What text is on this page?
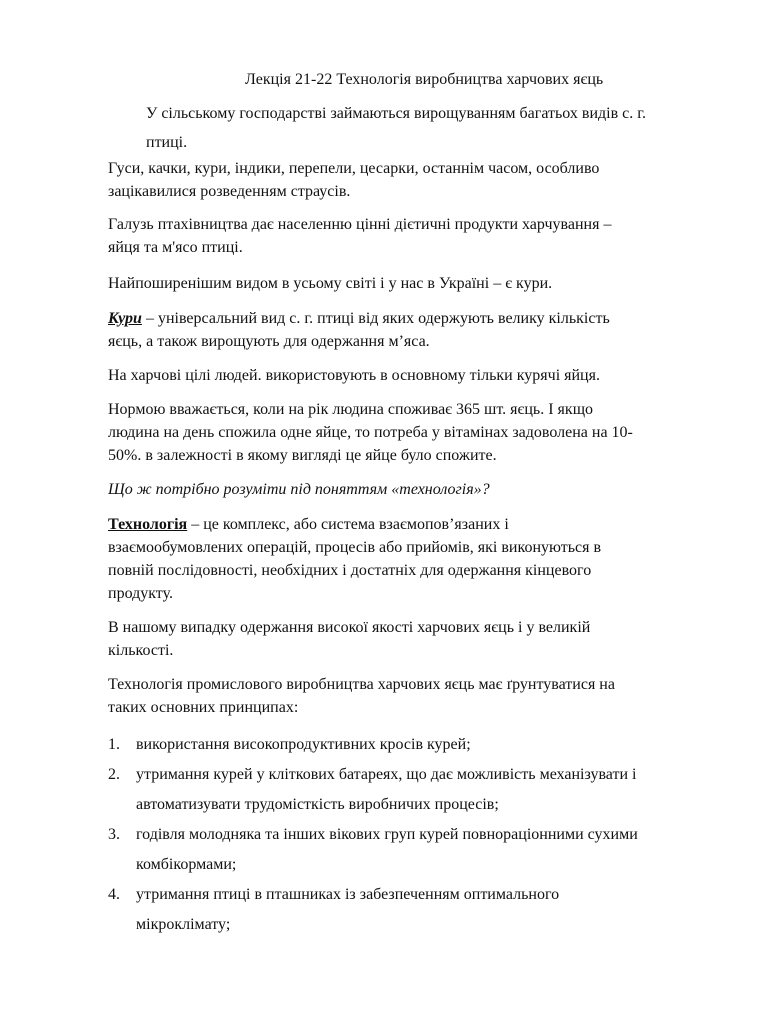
Лекція 21-22 Технологія виробництва харчових яєць

У сільському господарстві займаються вирощуванням багатьох видів с. г.
птиці.

Гуси, качки, кури, індики, перепели, цесарки, останнім часом, особливо
зацікавилися розведенням страусів.

Галузь птахівництва дає населенню цінні дієтичні продукти харчування –
яйця та м'ясо птиці.

Найпоширенішим видом в усьому світі і у нас в Україні – є кури.

Кури – універсальний вид с. г. птиці від яких одержують велику кількість
яєць, а також вирощують для одержання м’яса.

На харчові цілі людей. використовують в основному тільки курячі яйця.

Нормою вважається, коли на рік людина споживає 365 шт. яєць. І якщо
людина на день спожила одне яйце, то потреба у вітамінах задоволена на 10-
50%. в залежності в якому вигляді це яйце було спожите.

Що ж потрібно розуміти під поняттям «технологія»?

Технологія – це комплекс, або система взаємопов’язаних і
взаємообумовлених операцій, процесів або прийомів, які виконуються в
повній послідовності, необхідних і достатніх для одержання кінцевого
продукту.

В нашому випадку одержання високої якості харчових яєць і у великій
кількості.

Технологія промислового виробництва харчових яєць має ґрунтуватися на
таких основних принципах:

1. використання високопродуктивних кросів курей;
2. утримання курей у кліткових батареях, що дає можливість механізувати і
автоматизувати трудомісткість виробничих процесів;
3. годівля молодняка та інших вікових груп курей повнораціонними сухими
комбікормами;
4. утримання птиці в пташниках із забезпеченням оптимального
мікроклімату;
